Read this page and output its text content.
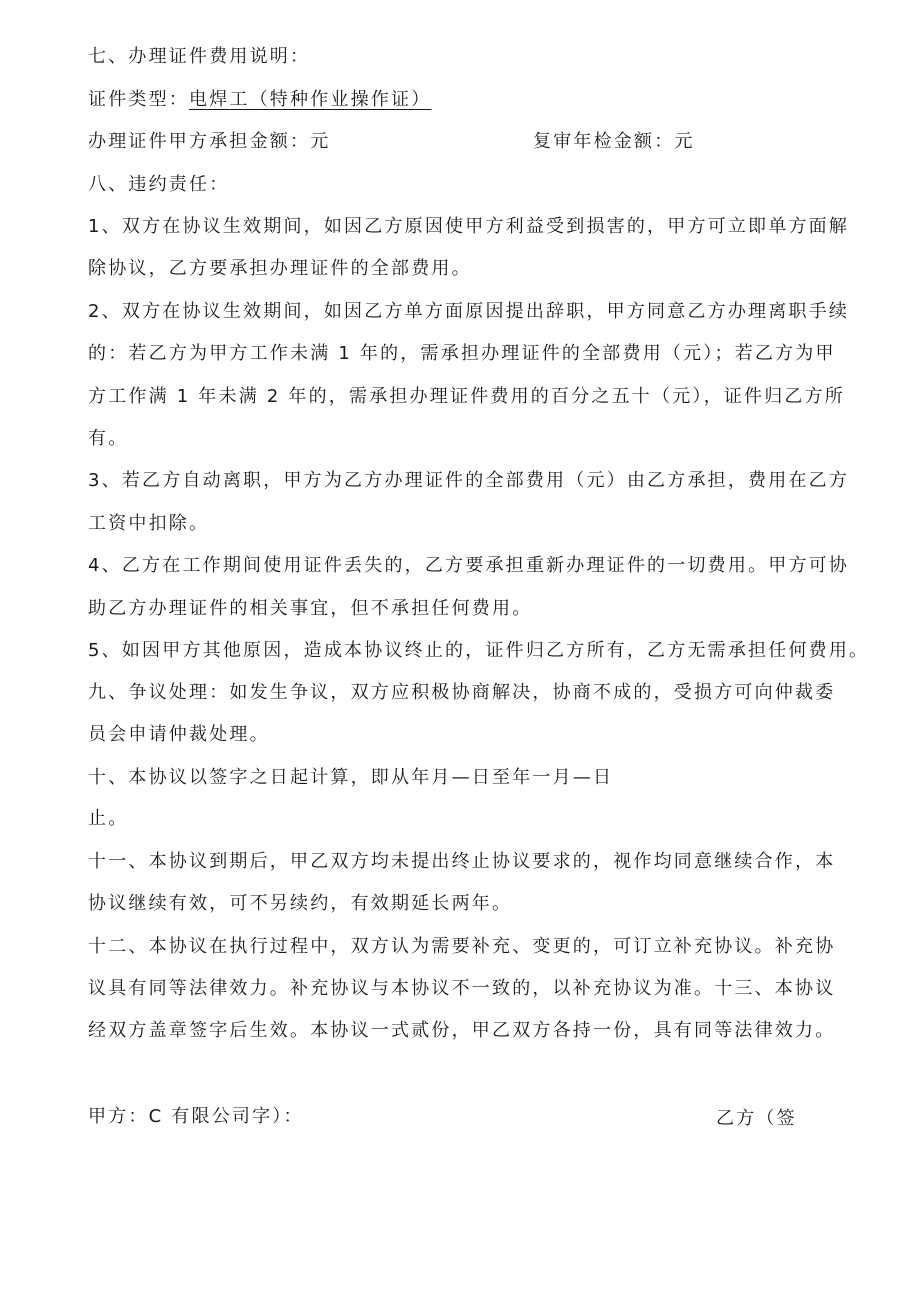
七、办理证件费用说明：
证件类型：电焊工（特种作业操作证）
办理证件甲方承担金额：元	复审年检金额：元
八、违约责任：
1、双方在协议生效期间，如因乙方原因使甲方利益受到损害的，甲方可立即单方面解
除协议，乙方要承担办理证件的全部费用。
2、双方在协议生效期间，如因乙方单方面原因提出辞职，甲方同意乙方办理离职手续
的：若乙方为甲方工作未满 1 年的，需承担办理证件的全部费用（元）；若乙方为甲
方工作满 1 年未满 2 年的，需承担办理证件费用的百分之五十（元），证件归乙方所
有。
3、若乙方自动离职，甲方为乙方办理证件的全部费用（元）由乙方承担，费用在乙方
工资中扣除。
4、乙方在工作期间使用证件丢失的，乙方要承担重新办理证件的一切费用。甲方可协
助乙方办理证件的相关事宜，但不承担任何费用。
5、如因甲方其他原因，造成本协议终止的，证件归乙方所有，乙方无需承担任何费用。
九、争议处理：如发生争议，双方应积极协商解决，协商不成的，受损方可向仲裁委
员会申请仲裁处理。
十、本协议以签字之日起计算，即从年月—日至年一月—日
止。
十一、本协议到期后，甲乙双方均未提出终止协议要求的，视作均同意继续合作，本
协议继续有效，可不另续约，有效期延长两年。
十二、本协议在执行过程中，双方认为需要补充、变更的，可订立补充协议。补充协
议具有同等法律效力。补充协议与本协议不一致的，以补充协议为准。十三、本协议
经双方盖章签字后生效。本协议一式贰份，甲乙双方各持一份，具有同等法律效力。
甲方：C 有限公司字）：	乙方（签
